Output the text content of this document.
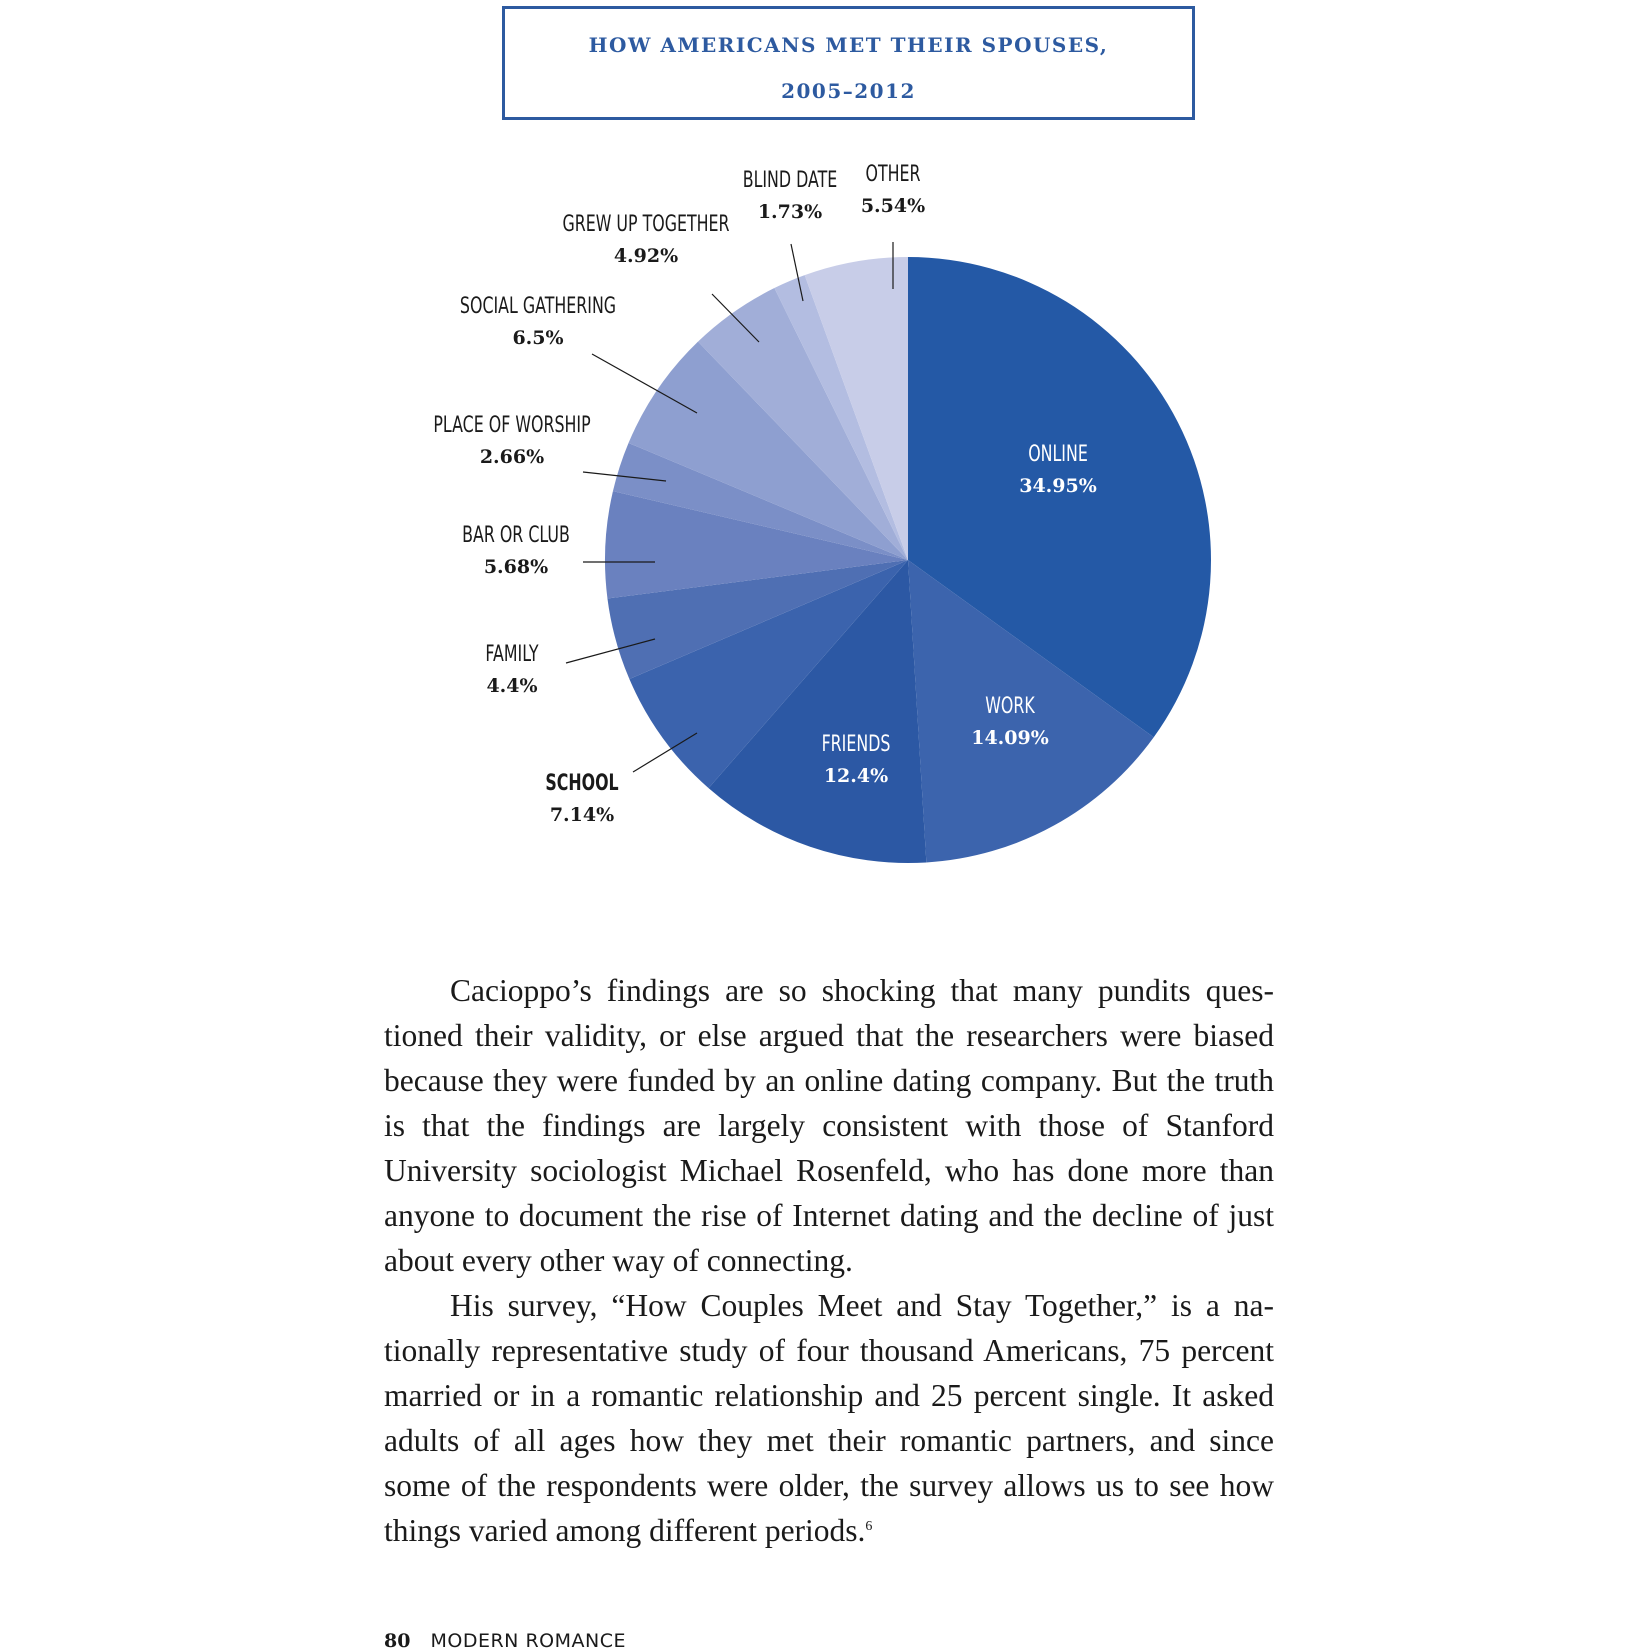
HOW AMERICANS MET THEIR SPOUSES,
2005–2012
ONLINE
34.95%
WORK
14.09%
FRIENDS
12.4%
SCHOOL
7.14%
FAMILY
4.4%
BAR OR CLUB
5.68%
PLACE OF WORSHIP
2.66%
SOCIAL GATHERING
6.5%
GREW UP TOGETHER
4.92%
BLIND DATE
1.73%
OTHER
5.54%

Cacioppo’s findings are so shocking that many pundits questioned their validity, or else argued that the researchers were biased because they were funded by an online dating company. But the truth is that the findings are largely consistent with those of Stanford University sociologist Michael Rosenfeld, who has done more than anyone to document the rise of Internet dating and the decline of just about every other way of connecting.

His survey, “How Couples Meet and Stay Together,” is a nationally representative study of four thousand Americans, 75 percent married or in a romantic relationship and 25 percent single. It asked adults of all ages how they met their romantic partners, and since some of the respondents were older, the survey allows us to see how things varied among different periods.$^6$

80 MODERN ROMANCE
